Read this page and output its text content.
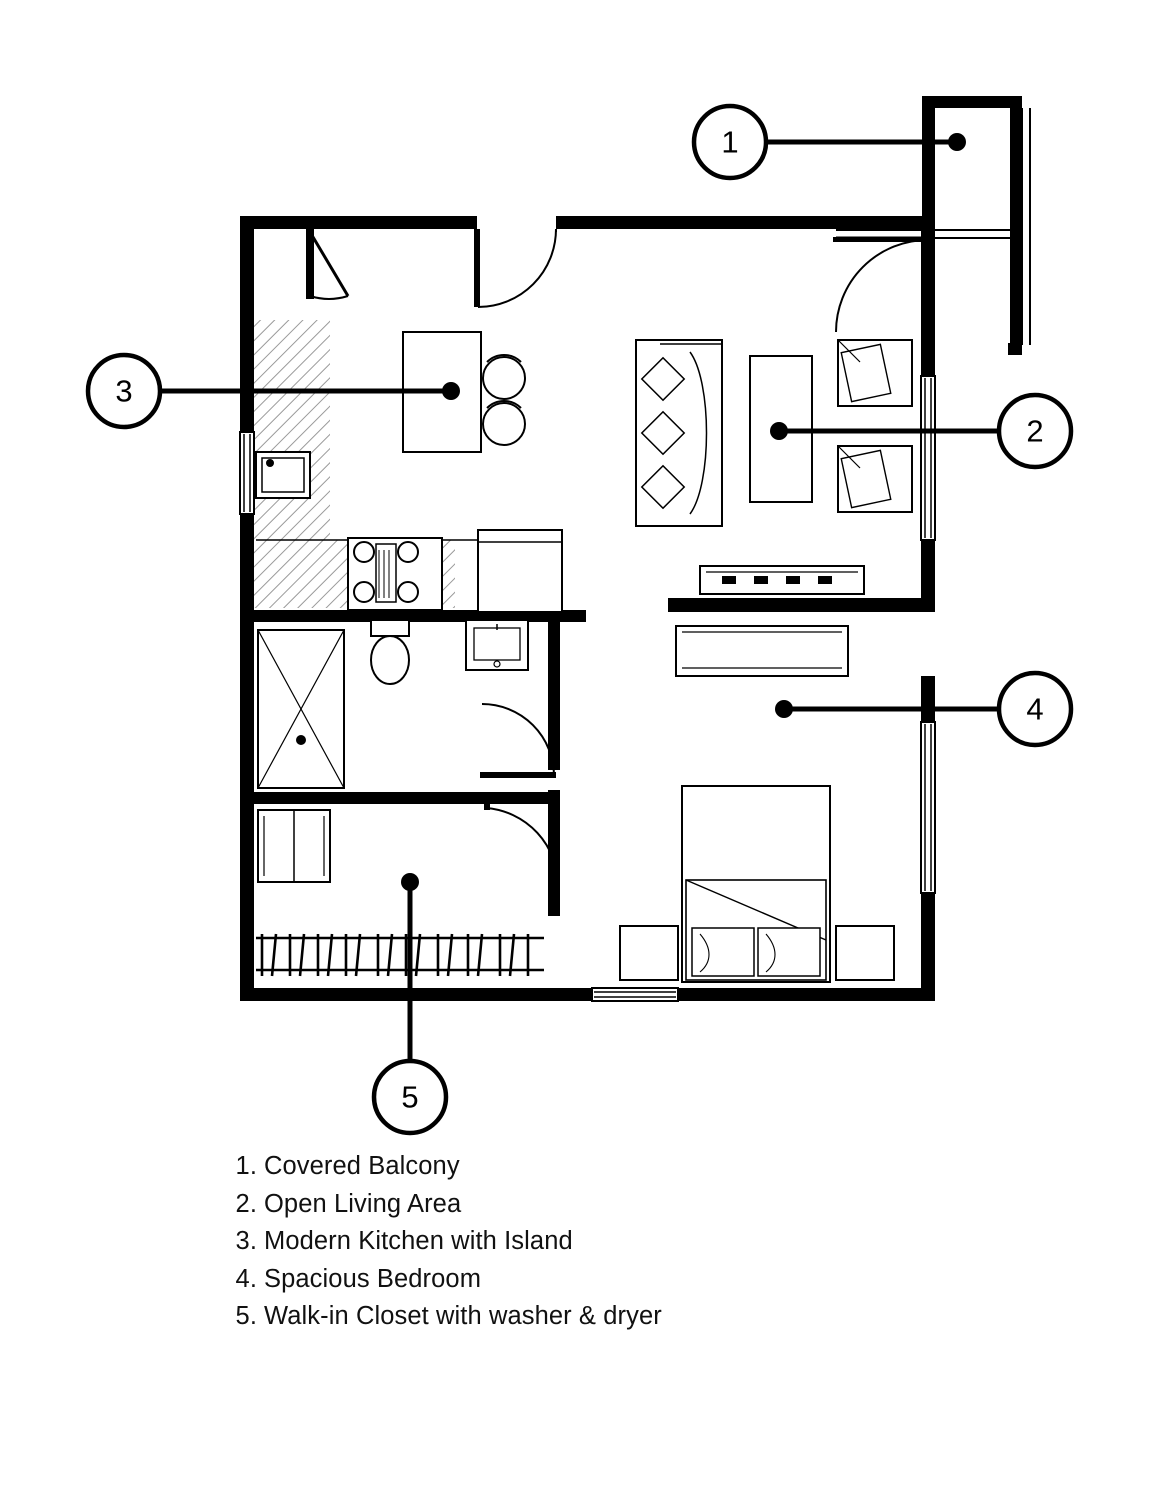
1
2
3
4
5
1. Covered Balcony
2. Open Living Area
3. Modern Kitchen with Island
4. Spacious Bedroom
5. Walk-in Closet with washer & dryer
